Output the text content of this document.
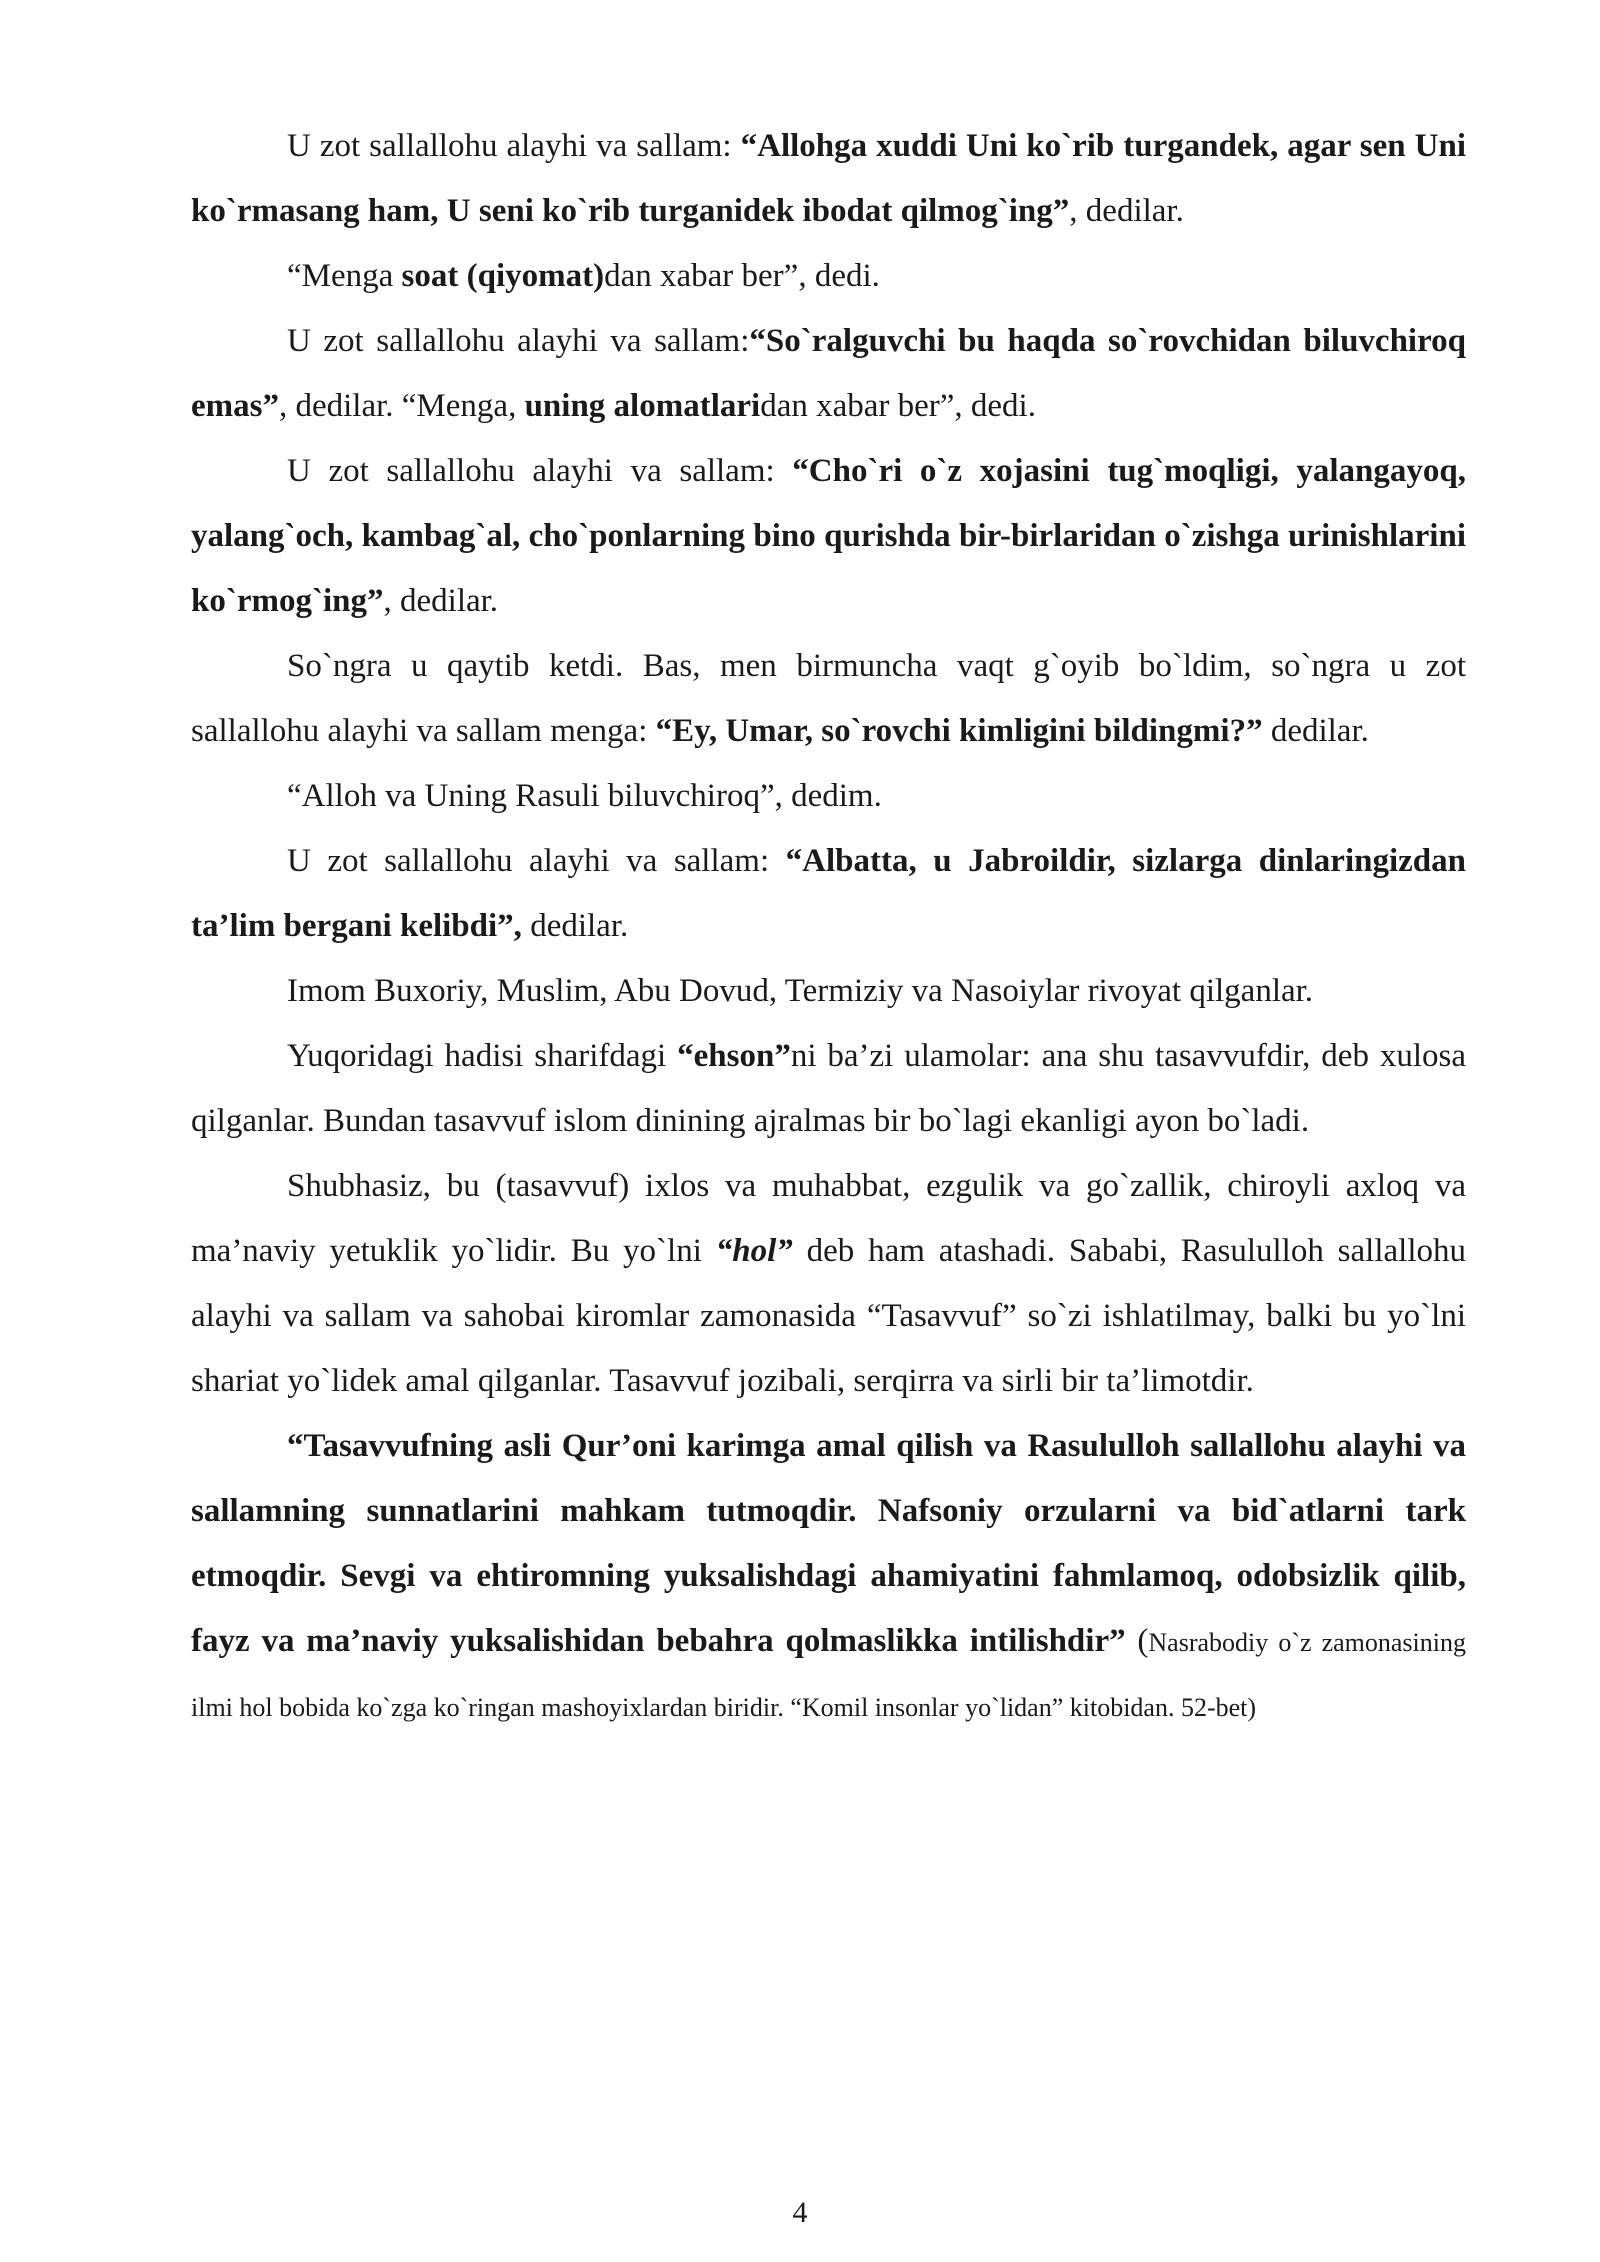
U zot sallallohu alayhi va sallam: “Allohga xuddi Uni ko`rib turgandek, agar sen Uni ko`rmasang ham, U seni ko`rib turganidek ibodat qilmog`ing”, dedilar.

“Menga soat (qiyomat)dan xabar ber”, dedi.

U zot sallallohu alayhi va sallam:“So`ralguvchi bu haqda so`rovchidan biluvchiroq emas”, dedilar. “Menga, uning alomatlaridan xabar ber”, dedi.

U zot sallallohu alayhi va sallam: “Cho`ri o`z xojasini tug`moqligi, yalangayoq, yalang`och, kambag`al, cho`ponlarning bino qurishda bir-birlaridan o`zishga urinishlarini ko`rmog`ing”, dedilar.

So`ngra u qaytib ketdi. Bas, men birmuncha vaqt g`oyib bo`ldim, so`ngra u zot sallallohu alayhi va sallam menga: “Ey, Umar, so`rovchi kimligini bildingmi?” dedilar.

“Alloh va Uning Rasuli biluvchiroq”, dedim.

U zot sallallohu alayhi va sallam: “Albatta, u Jabroildir, sizlarga dinlaringizdan ta’lim bergani kelibdi”, dedilar.

Imom Buxoriy, Muslim, Abu Dovud, Termiziy va Nasoiylar rivoyat qilganlar.

Yuqoridagi hadisi sharifdagi “ehson”ni ba’zi ulamolar: ana shu tasavvufdir, deb xulosa qilganlar. Bundan tasavvuf islom dinining ajralmas bir bo`lagi ekanligi ayon bo`ladi.

Shubhasiz, bu (tasavvuf) ixlos va muhabbat, ezgulik va go`zallik, chiroyli axloq va ma’naviy yetuklik yo`lidir. Bu yo`lni “hol” deb ham atashadi. Sababi, Rasululloh sallallohu alayhi va sallam va sahobai kiromlar zamonasida “Tasavvuf” so`zi ishlatilmay, balki bu yo`lni shariat yo`lidek amal qilganlar. Tasavvuf jozibali, serqirra va sirli bir ta’limotdir.

“Tasavvufning asli Qur’oni karimga amal qilish va Rasululloh sallallohu alayhi va sallamning sunnatlarini mahkam tutmoqdir. Nafsoniy orzularni va bid`atlarni tark etmoqdir. Sevgi va ehtiromning yuksalishdagi ahamiyatini fahmlamoq, odobsizlik qilib, fayz va ma’naviy yuksalishidan bebahra qolmaslikka intilishdir” (Nasrabodiy o`z zamonasining ilmi hol bobida ko`zga ko`ringan mashoyixlardan biridir. “Komil insonlar yo`lidan” kitobidan. 52-bet)

4
